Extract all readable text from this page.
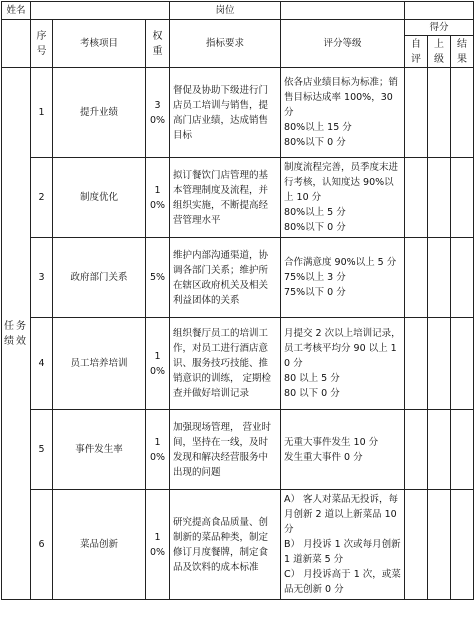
姓名				岗位				
	序号	考核项目	权重	指标要求	评分等级	得分		
						自评	上级	结果
任务绩效	1	提升业绩	30%	督促及协助下级进行门店员工培训与销售，提高门店业绩，达成销售目标	依各店业绩目标为标准；销售目标达成率 100%，30 分
80%以上 15 分
80%以下 0 分			

	2	制度优化	10%	拟订餐饮门店管理的基本管理制度及流程，并组织实施，不断提高经营管理水平	制度流程完善，员季度末进行考核，认知度达 90%以上 10 分
80%以上 5 分
80%以下 0 分			

	3	政府部门关系	5%	维护内部沟通渠道，协调各部门关系；维护所在辖区政府机关及相关利益团体的关系	合作满意度 90%以上 5 分
75%以上 3 分
75%以下 0 分			

	4	员工培养培训	10%	组织餐厅员工的培训工作，对员工进行酒店意识、服务技巧技能、推销意识的训练， 定期检查并做好培训记录	月提交 2 次以上培训记录，员工考核平均分 90 以上 10 分
80 以上 5 分
80 以下 0 分			

	5	事件发生率	10%	加强现场管理， 营业时间，坚持在一线，及时发现和解决经营服务中出现的问题	无重大事件发生 10 分
发生重大事件 0 分			

	6	菜品创新	10%	研究提高食品质量、创制新的菜品种类，制定修订月度餐牌，制定食品及饮料的成本标准	A） 客人对菜品无投诉，每月创新 2 道以上新菜品 10 分
B） 月投诉 1 次或每月创新 1 道新菜 5 分
C） 月投诉高于 1 次，或菜品无创新 0 分			
